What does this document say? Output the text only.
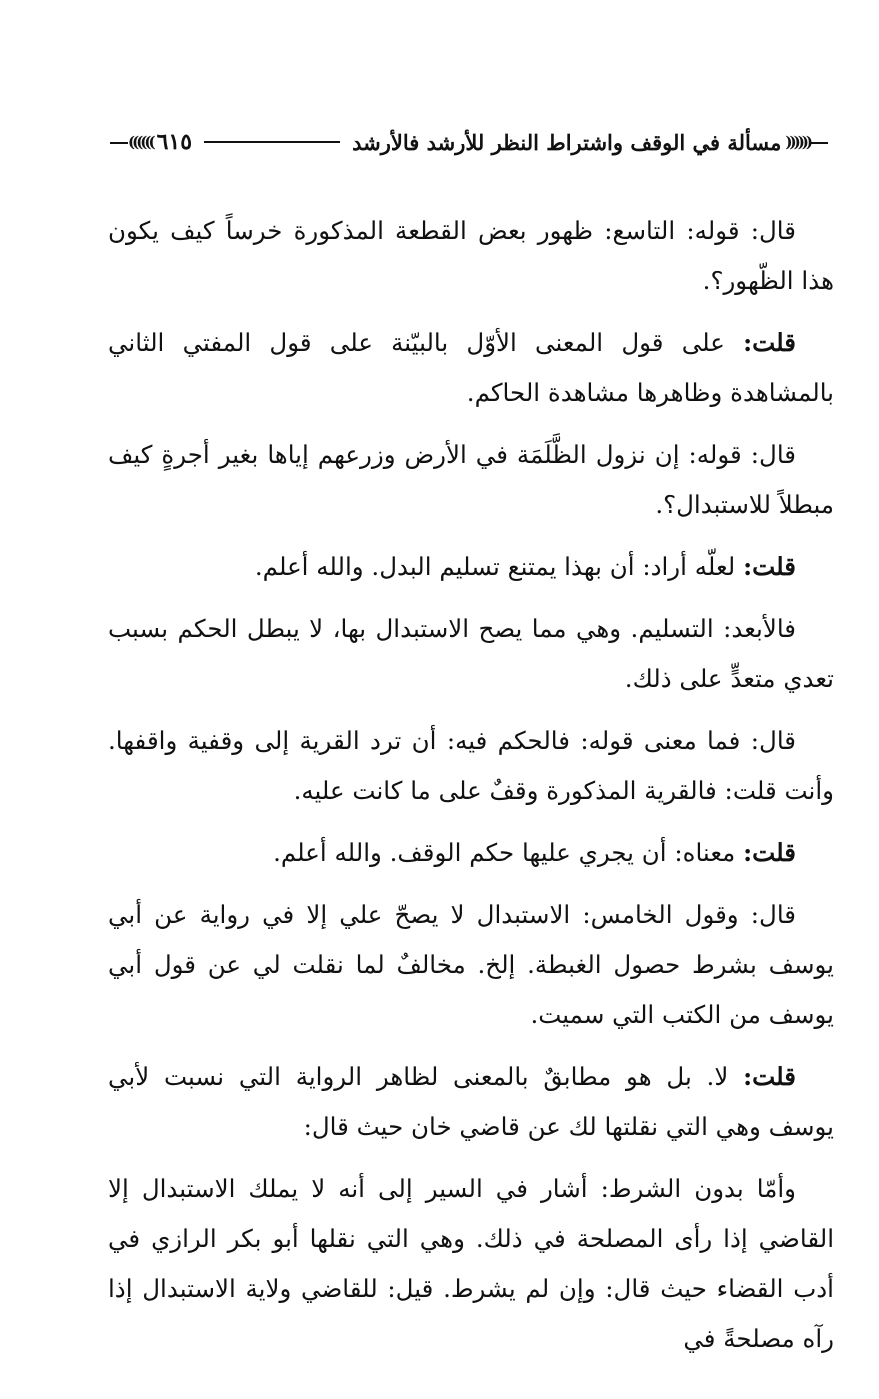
((((((
مسألة في الوقف واشتراط النظر للأرشد فالأرشد
٦١٥
))))))

قال: قوله: التاسع: ظهور بعض القطعة المذكورة خرساً كيف يكون هذا الظّهور؟.

قلت: على قول المعنى الأوّل بالبيّنة على قول المفتي الثاني بالمشاهدة وظاهرها مشاهدة الحاكم.

قال: قوله: إن نزول الظَّلَمَة في الأرض وزرعهم إياها بغير أجرةٍ كيف مبطلاً للاستبدال؟.

قلت: لعلّه أراد: أن بهذا يمتنع تسليم البدل. والله أعلم.

فالأبعد: التسليم. وهي مما يصح الاستبدال بها، لا يبطل الحكم بسبب تعدي متعدٍّ على ذلك.

قال: فما معنى قوله: فالحكم فيه: أن ترد القرية إلى وقفية واقفها. وأنت قلت: فالقرية المذكورة وقفٌ على ما كانت عليه.

قلت: معناه: أن يجري عليها حكم الوقف. والله أعلم.

قال: وقول الخامس: الاستبدال لا يصحّ علي إلا في رواية عن أبي يوسف بشرط حصول الغبطة. إلخ. مخالفٌ لما نقلت لي عن قول أبي يوسف من الكتب التي سميت.

قلت: لا. بل هو مطابقٌ بالمعنى لظاهر الرواية التي نسبت لأبي يوسف وهي التي نقلتها لك عن قاضي خان حيث قال:

وأمّا بدون الشرط: أشار في السير إلى أنه لا يملك الاستبدال إلا القاضي إذا رأى المصلحة في ذلك. وهي التي نقلها أبو بكر الرازي في أدب القضاء حيث قال: وإن لم يشرط. قيل: للقاضي ولاية الاستبدال إذا رآه مصلحةً في
